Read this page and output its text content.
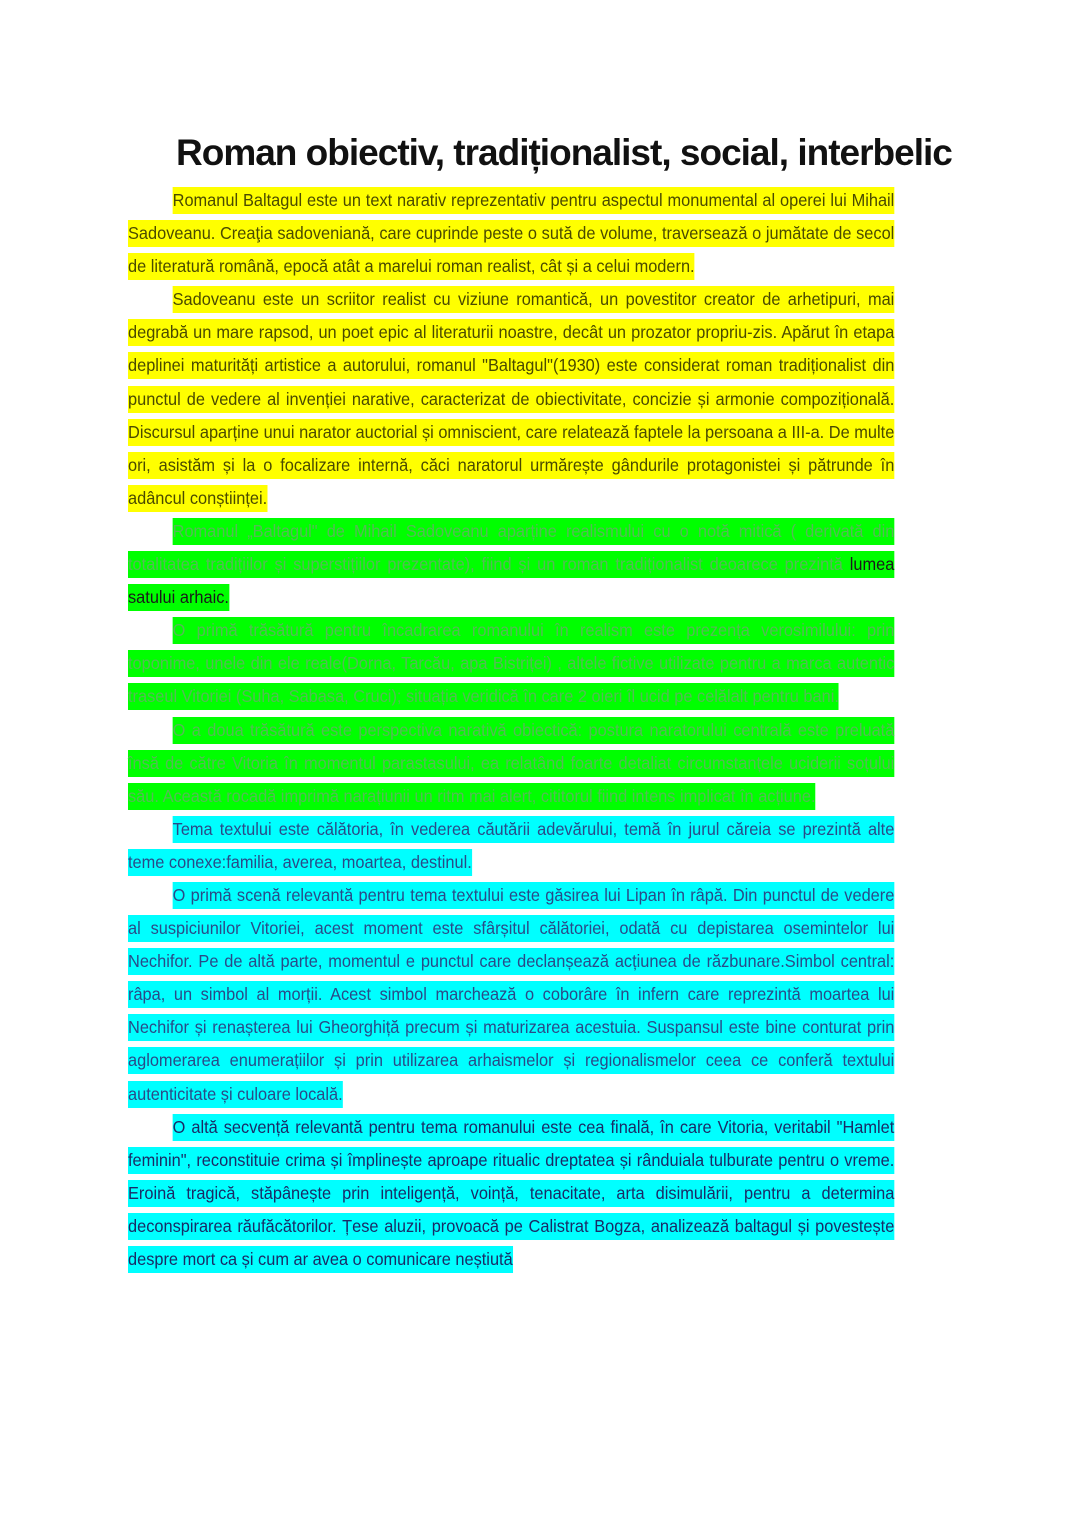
Roman obiectiv, tradiționalist, social, interbelic

Romanul Baltagul este un text narativ reprezentativ pentru aspectul monumental al operei lui Mihail Sadoveanu. Creaţia sadoveniană, care cuprinde peste o sută de volume, traversează o jumătate de secol de literatură română, epocă atât a marelui roman realist, cât și a celui modern.

Sadoveanu este un scriitor realist cu viziune romantică, un povestitor creator de arhetipuri, mai degrabă un mare rapsod, un poet epic al literaturii noastre, decât un prozator propriu-zis. Apărut în etapa deplinei maturități artistice a autorului, romanul "Baltagul"(1930) este considerat roman tradiționalist din punctul de vedere al invenției narative, caracterizat de obiectivitate, concizie și armonie compozițională. Discursul aparține unui narator auctorial și omniscient, care relatează faptele la persoana a III-a. De multe ori, asistăm și la o focalizare internă, căci naratorul urmărește gândurile protagonistei și pătrunde în adâncul conștiinței.

Romanul „Baltagul" de Mihail Sadoveanu aparține realismului cu o notă mitică ( derivată din totalitatea tradițiilor și superstițiilor prezentate), fiind și un roman tradiționalist deoarece prezintă lumea satului arhaic.

O primă trăsătură pentru încadrarea romanului în realism este prezența verosimilului: prin toponime, unele din ele reale(Dorna, Tarcău, apa Bistriței) , altele fictive utilizate pentru a marca autentic traseul Vitoriei (Suha, Sabasa, Cruci); situația veridică în care 2 oieri îl ucid pe celălalt pentru bani.

O a doua trăsătură este perspectiva narativă obiectică: postura naratorului centrală este preluată însă de către Vitoria în momentul parastasului, ea relatând foarte detaliat circumstanțele uciderii soțului său. Această rocadă imprimă narațiunii un ritm mai alert, cititorul fiind intens implicat în acțiune.

Tema textului este călătoria, în vederea căutării adevărului, temă în jurul căreia se prezintă alte teme conexe:familia, averea, moartea, destinul.

O primă scenă relevantă pentru tema textului este găsirea lui Lipan în râpă. Din punctul de vedere al suspiciunilor Vitoriei, acest moment este sfârșitul călătoriei, odată cu depistarea osemintelor lui Nechifor. Pe de altă parte, momentul e punctul care declanșează acțiunea de răzbunare.Simbol central: râpa, un simbol al morții. Acest simbol marchează o coborâre în infern care reprezintă moartea lui Nechifor și renașterea lui Gheorghiță precum și maturizarea acestuia. Suspansul este bine conturat prin aglomerarea enumerațiilor și prin utilizarea arhaismelor și regionalismelor ceea ce conferă textului autenticitate și culoare locală.

O altă secvență relevantă pentru tema romanului este cea finală, în care Vitoria, veritabil "Hamlet feminin", reconstituie crima și împlinește aproape ritualic dreptatea și rânduiala tulburate pentru o vreme. Eroină tragică, stăpânește prin inteligență, voință, tenacitate, arta disimulării, pentru a determina deconspirarea răufăcătorilor. Țese aluzii, provoacă pe Calistrat Bogza, analizează baltagul și povestește despre mort ca și cum ar avea o comunicare neștiută
